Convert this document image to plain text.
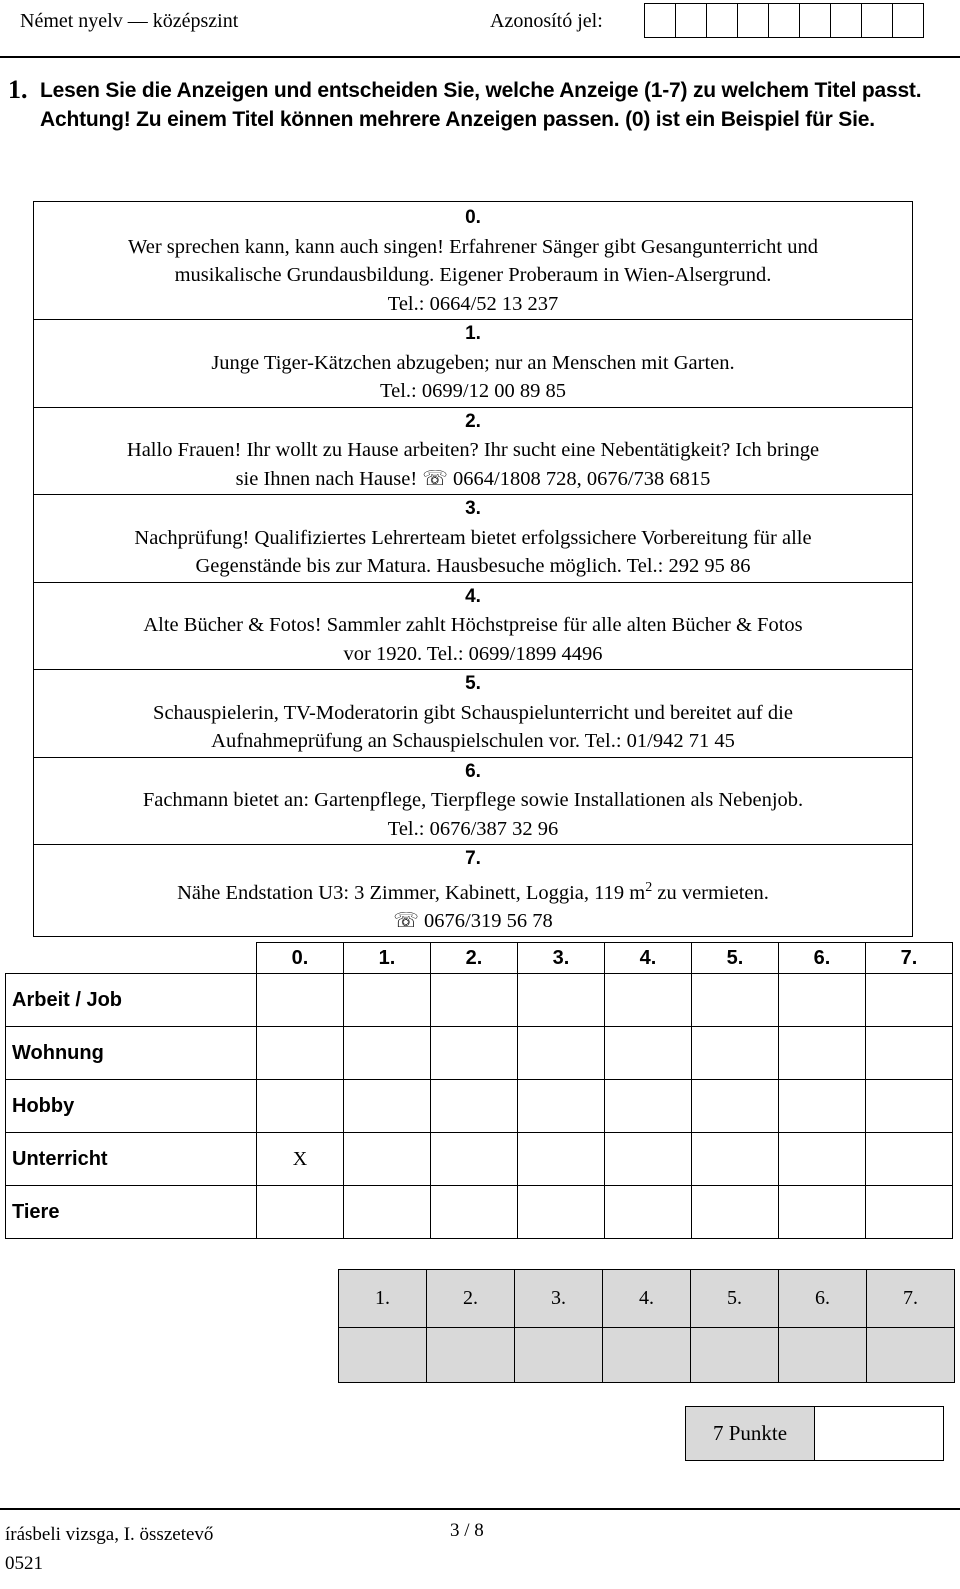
Német nyelv — középszint	Azonosító jel:
1. Lesen Sie die Anzeigen und entscheiden Sie, welche Anzeige (1-7) zu welchem Titel passt. Achtung! Zu einem Titel können mehrere Anzeigen passen. (0) ist ein Beispiel für Sie.
0.
Wer sprechen kann, kann auch singen! Erfahrener Sänger gibt Gesangunterricht und
musikalische Grundausbildung. Eigener Proberaum in Wien-Alsergrund.
Tel.: 0664/52 13 237
1.
Junge Tiger-Kätzchen abzugeben; nur an Menschen mit Garten.
Tel.: 0699/12 00 89 85
2.
Hallo Frauen! Ihr wollt zu Hause arbeiten? Ihr sucht eine Nebentätigkeit? Ich bringe
sie Ihnen nach Hause! ☏ 0664/1808 728, 0676/738 6815
3.
Nachprüfung! Qualifiziertes Lehrerteam bietet erfolgssichere Vorbereitung für alle
Gegenstände bis zur Matura. Hausbesuche möglich. Tel.: 292 95 86
4.
Alte Bücher & Fotos! Sammler zahlt Höchstpreise für alle alten Bücher & Fotos
vor 1920. Tel.: 0699/1899 4496
5.
Schauspielerin, TV-Moderatorin gibt Schauspielunterricht und bereitet auf die
Aufnahmeprüfung an Schauspielschulen vor. Tel.: 01/942 71 45
6.
Fachmann bietet an: Gartenpflege, Tierpflege sowie Installationen als Nebenjob.
Tel.: 0676/387 32 96
7.
Nähe Endstation U3: 3 Zimmer, Kabinett, Loggia, 119 $m^2$ zu vermieten.
☏ 0676/319 56 78
	0.	1.	2.	3.	4.	5.	6.	7.
Arbeit / Job								
Wohnung								
Hobby								
Unterricht	X							
Tiere								
1.	2.	3.	4.	5.	6.	7.

7 Punkte
írásbeli vizsga, I. összetevő
0521
3 / 8
